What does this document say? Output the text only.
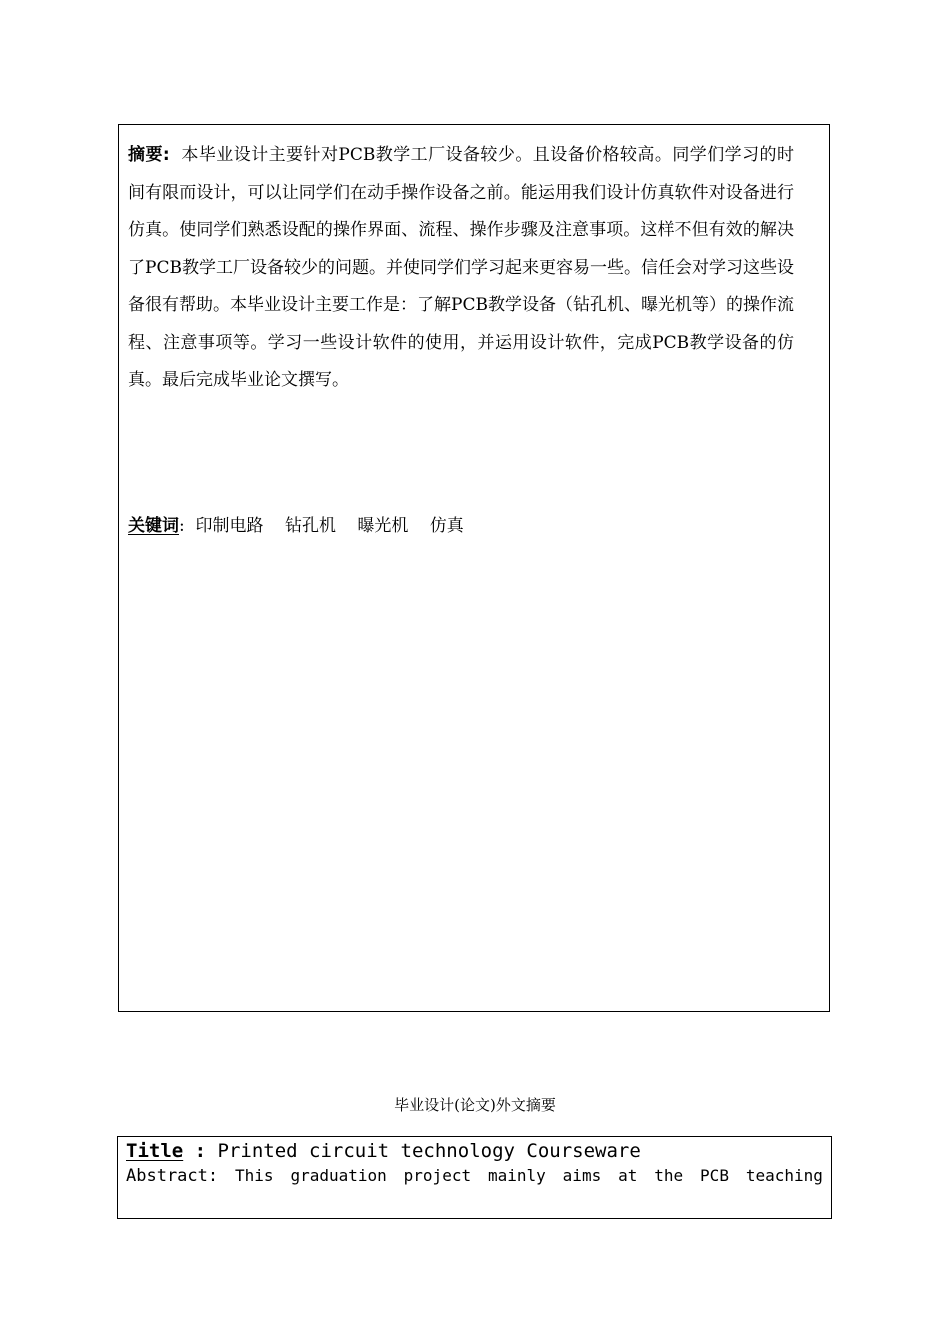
摘要: 本毕业设计主要针对PCB教学工厂设备较少。且设备价格较高。同学们学习的时间有限而设计，可以让同学们在动手操作设备之前。能运用我们设计仿真软件对设备进行仿真。使同学们熟悉设配的操作界面、流程、操作步骤及注意事项。这样不但有效的解决了PCB教学工厂设备较少的问题。并使同学们学习起来更容易一些。信任会对学习这些设备很有帮助。本毕业设计主要工作是：了解PCB教学设备（钻孔机、曝光机等）的操作流程、注意事项等。学习一些设计软件的使用，并运用设计软件，完成PCB教学设备的仿真。最后完成毕业论文撰写。
关键词: 印制电路 钻孔机 曝光机 仿真
毕业设计(论文)外文摘要
Title : Printed circuit technology Courseware
Abstract: This graduation project mainly aims at the PCB teaching
